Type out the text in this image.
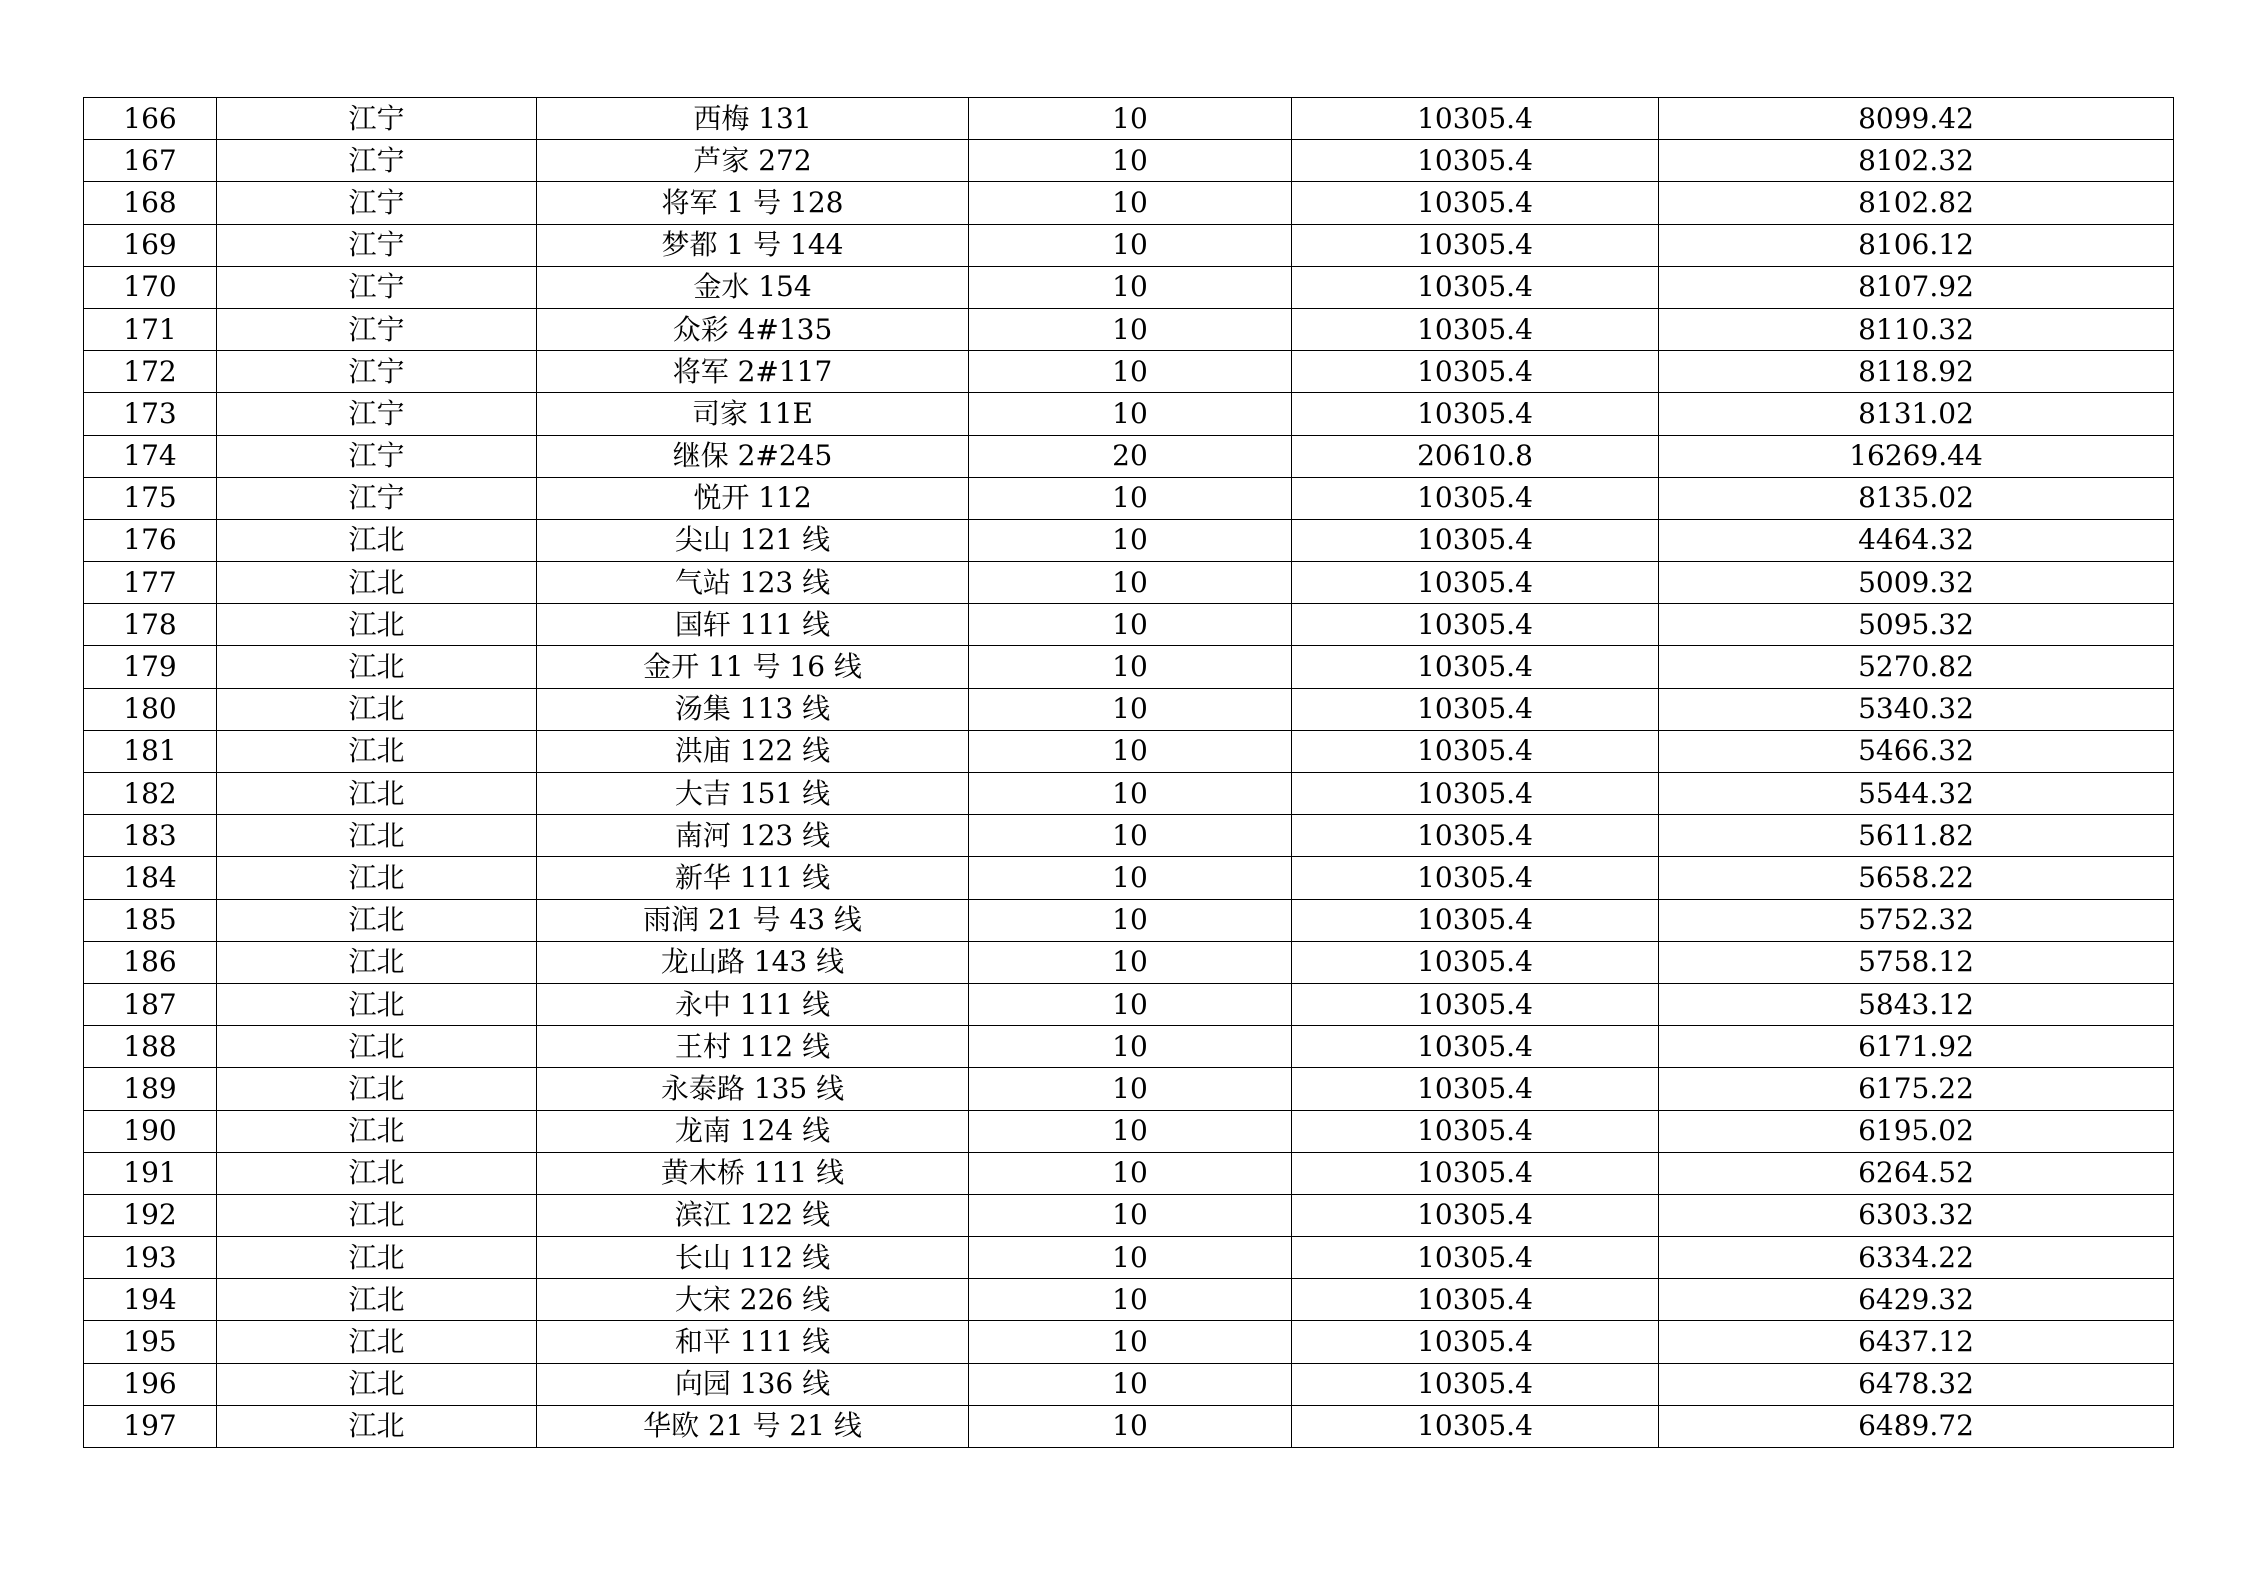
166	江宁	西梅 131	10	10305.4	8099.42
167	江宁	芦家 272	10	10305.4	8102.32
168	江宁	将军 1 号 128	10	10305.4	8102.82
169	江宁	梦都 1 号 144	10	10305.4	8106.12
170	江宁	金水 154	10	10305.4	8107.92
171	江宁	众彩 4#135	10	10305.4	8110.32
172	江宁	将军 2#117	10	10305.4	8118.92
173	江宁	司家 11E	10	10305.4	8131.02
174	江宁	继保 2#245	20	20610.8	16269.44
175	江宁	悦开 112	10	10305.4	8135.02
176	江北	尖山 121 线	10	10305.4	4464.32
177	江北	气站 123 线	10	10305.4	5009.32
178	江北	国轩 111 线	10	10305.4	5095.32
179	江北	金开 11 号 16 线	10	10305.4	5270.82
180	江北	汤集 113 线	10	10305.4	5340.32
181	江北	洪庙 122 线	10	10305.4	5466.32
182	江北	大吉 151 线	10	10305.4	5544.32
183	江北	南河 123 线	10	10305.4	5611.82
184	江北	新华 111 线	10	10305.4	5658.22
185	江北	雨润 21 号 43 线	10	10305.4	5752.32
186	江北	龙山路 143 线	10	10305.4	5758.12
187	江北	永中 111 线	10	10305.4	5843.12
188	江北	王村 112 线	10	10305.4	6171.92
189	江北	永泰路 135 线	10	10305.4	6175.22
190	江北	龙南 124 线	10	10305.4	6195.02
191	江北	黄木桥 111 线	10	10305.4	6264.52
192	江北	滨江 122 线	10	10305.4	6303.32
193	江北	长山 112 线	10	10305.4	6334.22
194	江北	大宋 226 线	10	10305.4	6429.32
195	江北	和平 111 线	10	10305.4	6437.12
196	江北	向园 136 线	10	10305.4	6478.32
197	江北	华欧 21 号 21 线	10	10305.4	6489.72
